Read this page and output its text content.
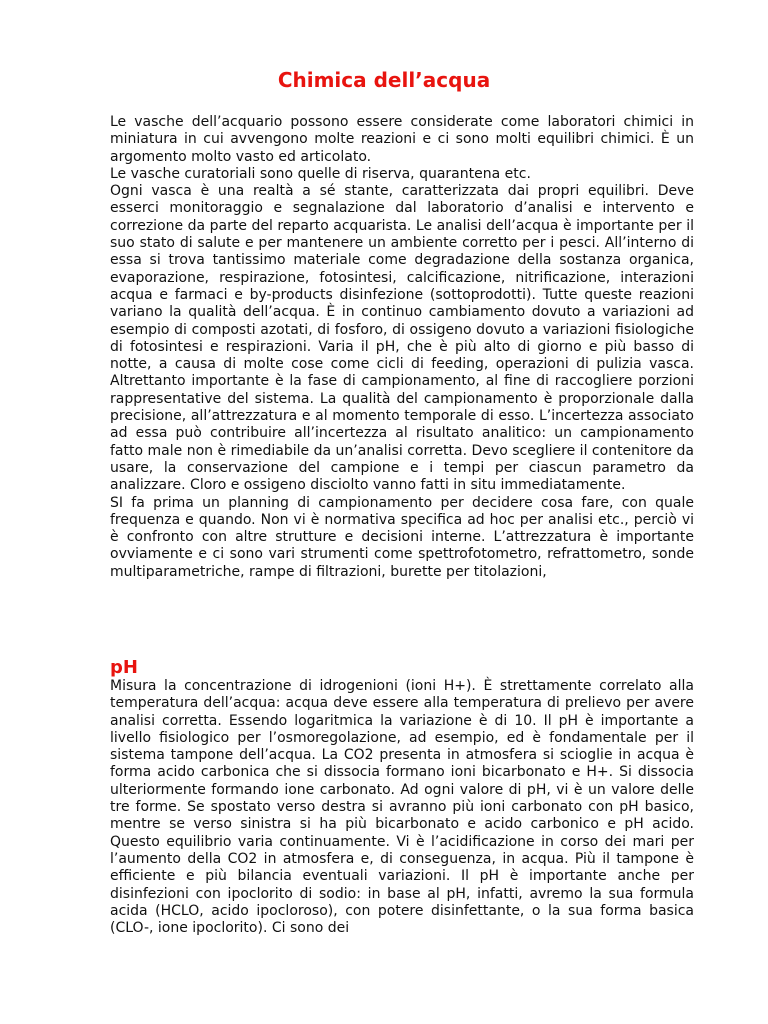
Chimica dell’acqua

Le vasche dell’acquario possono essere considerate come laboratori chimici in miniatura in cui avvengono molte reazioni e ci sono molti equilibri chimici. È un argomento molto vasto ed articolato.

Le vasche curatoriali sono quelle di riserva, quarantena etc.

Ogni vasca è una realtà a sé stante, caratterizzata dai propri equilibri. Deve esserci monitoraggio e segnalazione dal laboratorio d’analisi e intervento e correzione da parte del reparto acquarista. Le analisi dell’acqua è importante per il suo stato di salute e per mantenere un ambiente corretto per i pesci. All’interno di essa si trova tantissimo materiale come degradazione della sostanza organica, evaporazione, respirazione, fotosintesi, calcificazione, nitrificazione, interazioni acqua e farmaci e by-products disinfezione (sottoprodotti). Tutte queste reazioni variano la qualità dell’acqua. È in continuo cambiamento dovuto a variazioni ad esempio di composti azotati, di fosforo, di ossigeno dovuto a variazioni fisiologiche di fotosintesi e respirazioni. Varia il pH, che è più alto di giorno e più basso di notte, a causa di molte cose come cicli di feeding, operazioni di pulizia vasca. Altrettanto importante è la fase di campionamento, al fine di raccogliere porzioni rappresentative del sistema. La qualità del campionamento è proporzionale dalla precisione, all’attrezzatura e al momento temporale di esso. L’incertezza associato ad essa può contribuire all’incertezza al risultato analitico: un campionamento fatto male non è rimediabile da un’analisi corretta. Devo scegliere il contenitore da usare, la conservazione del campione e i tempi per ciascun parametro da analizzare. Cloro e ossigeno disciolto vanno fatti in situ immediatamente.

SI fa prima un planning di campionamento per decidere cosa fare, con quale frequenza e quando. Non vi è normativa specifica ad hoc per analisi etc., perciò vi è confronto con altre strutture e decisioni interne. L’attrezzatura è importante ovviamente e ci sono vari strumenti come spettrofotometro, refrattometro, sonde multiparametriche, rampe di filtrazioni, burette per titolazioni,

pH

Misura la concentrazione di idrogenioni (ioni H+). È strettamente correlato alla temperatura dell’acqua: acqua deve essere alla temperatura di prelievo per avere analisi corretta. Essendo logaritmica la variazione è di 10. Il pH è importante a livello fisiologico per l’osmoregolazione, ad esempio, ed è fondamentale per il sistema tampone dell’acqua. La CO2 presenta in atmosfera si scioglie in acqua è forma acido carbonica che si dissocia formano ioni bicarbonato e H+. Si dissocia ulteriormente formando ione carbonato. Ad ogni valore di pH, vi è un valore delle tre forme. Se spostato verso destra si avranno più ioni carbonato con pH basico, mentre se verso sinistra si ha più bicarbonato e acido carbonico e pH acido. Questo equilibrio varia continuamente. Vi è l’acidificazione in corso dei mari per l’aumento della CO2 in atmosfera e, di conseguenza, in acqua. Più il tampone è efficiente e più bilancia eventuali variazioni. Il pH è importante anche per disinfezioni con ipoclorito di sodio: in base al pH, infatti, avremo la sua formula acida (HCLO, acido ipocloroso), con potere disinfettante, o la sua forma basica (CLO-, ione ipoclorito). Ci sono dei
